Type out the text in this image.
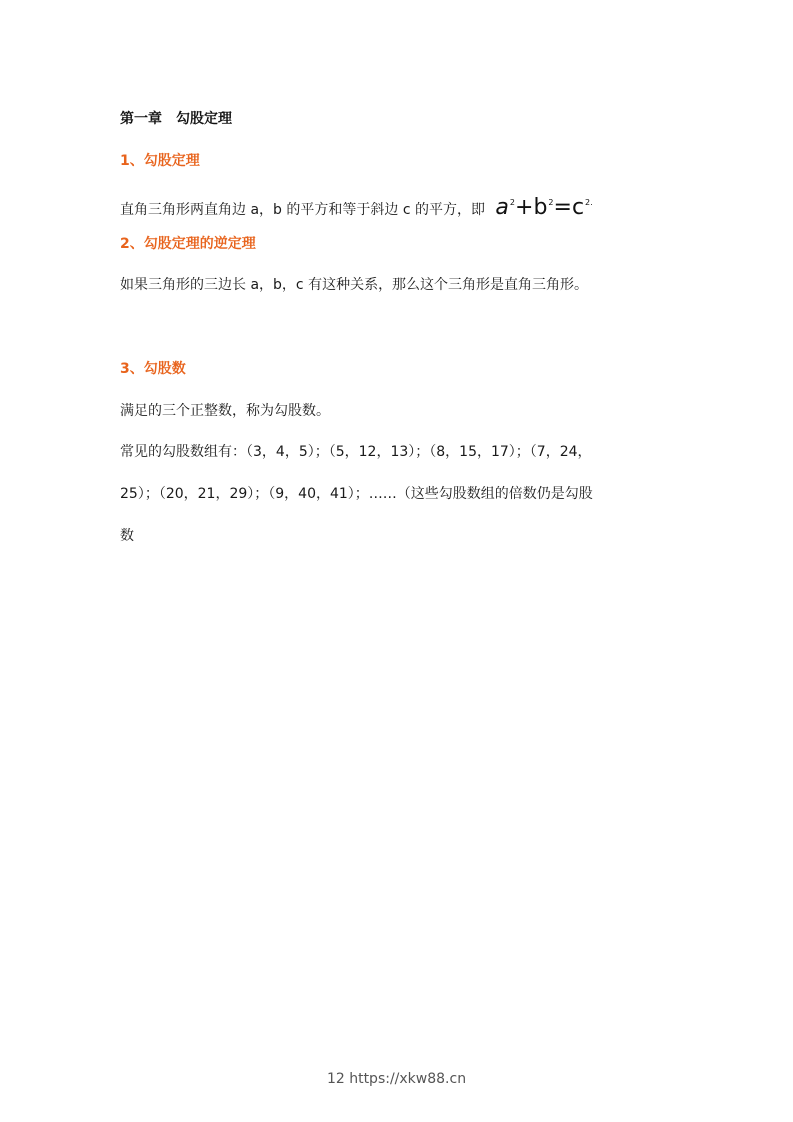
第一章　勾股定理
1、勾股定理
直角三角形两直角边 a，b 的平方和等于斜边 c 的平方，即 $a^2+b^2=c^{2.}$
2、勾股定理的逆定理
如果三角形的三边长 a，b，c 有这种关系，那么这个三角形是直角三角形。
3、勾股数
满足的三个正整数，称为勾股数。
常见的勾股数组有：（3，4，5）；（5，12，13）；（8，15，17）；（7，24，
25）；（20，21，29）；（9，40，41）；……（这些勾股数组的倍数仍是勾股
数
12 https://xkw88.cn
